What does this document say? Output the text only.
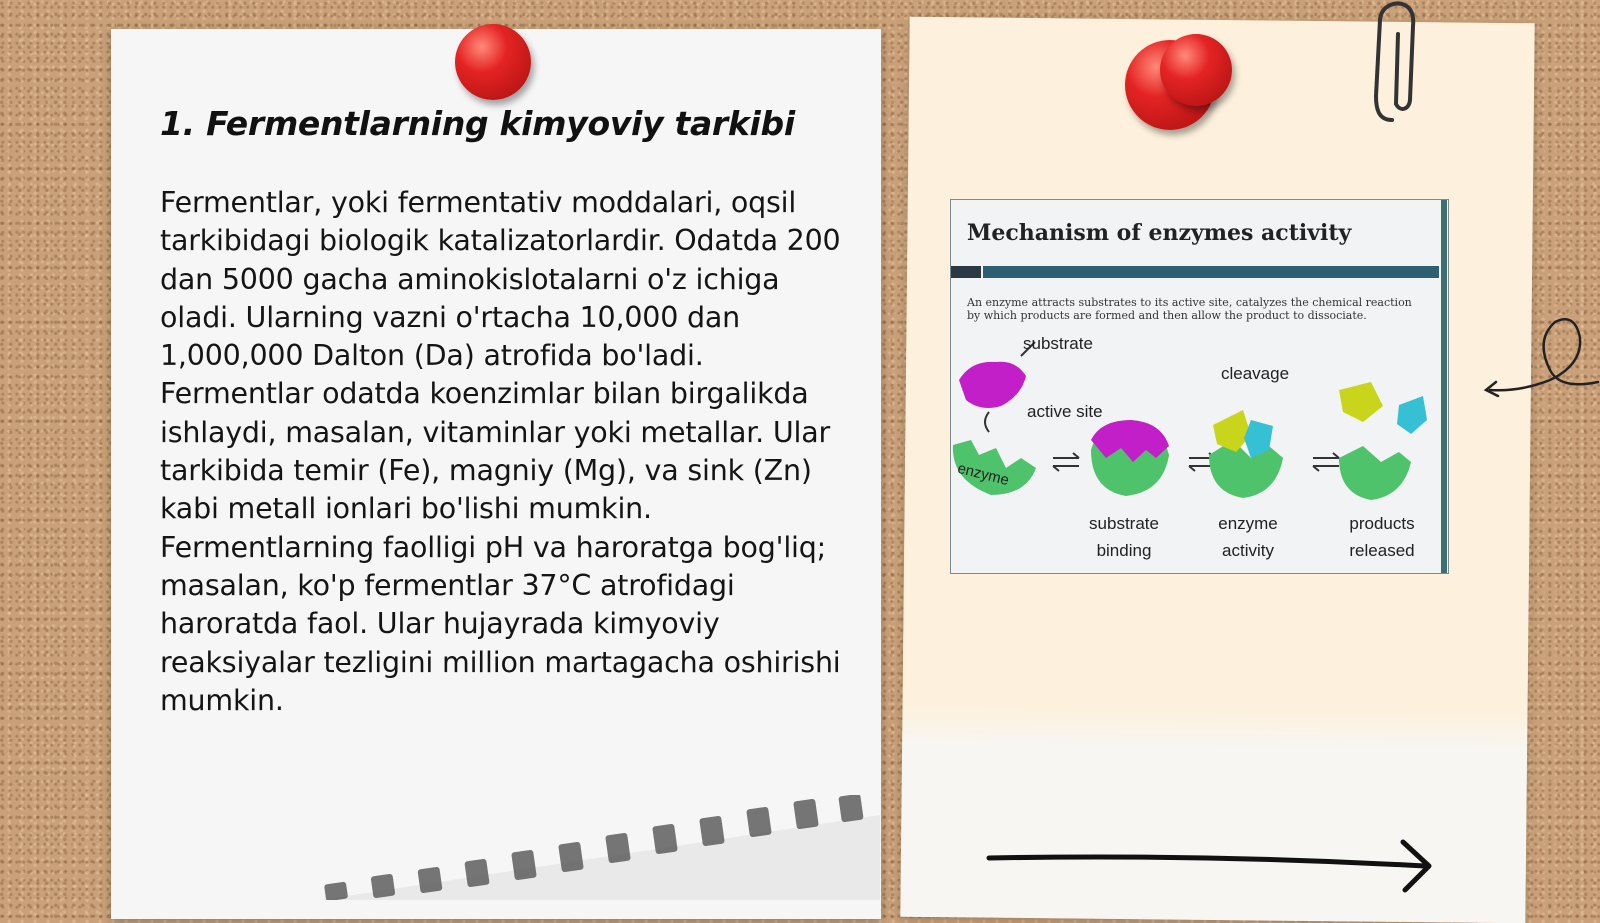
1. Fermentlarning kimyoviy tarkibi

Fermentlar, yoki fermentativ moddalari, oqsil tarkibidagi biologik katalizatorlardir. Odatda 200 dan 5000 gacha aminokislotalarni o'z ichiga oladi. Ularning vazni o'rtacha 10,000 dan 1,000,000 Dalton (Da) atrofida bo'ladi. Fermentlar odatda koenzimlar bilan birgalikda ishlaydi, masalan, vitaminlar yoki metallar. Ular tarkibida temir (Fe), magniy (Mg), va sink (Zn) kabi metall ionlari bo'lishi mumkin. Fermentlarning faolligi pH va haroratga bog'liq; masalan, ko'p fermentlar 37°C atrofidagi haroratda faol. Ular hujayrada kimyoviy reaksiyalar tezligini million martagacha oshirishi mumkin.

Mechanism of enzymes activity

An enzyme attracts substrates to its active site, catalyzes the chemical reaction by which products are formed and then allow the product to dissociate.

substrate
active site
enzyme
cleavage
substrate
binding
enzyme
activity
products
released
